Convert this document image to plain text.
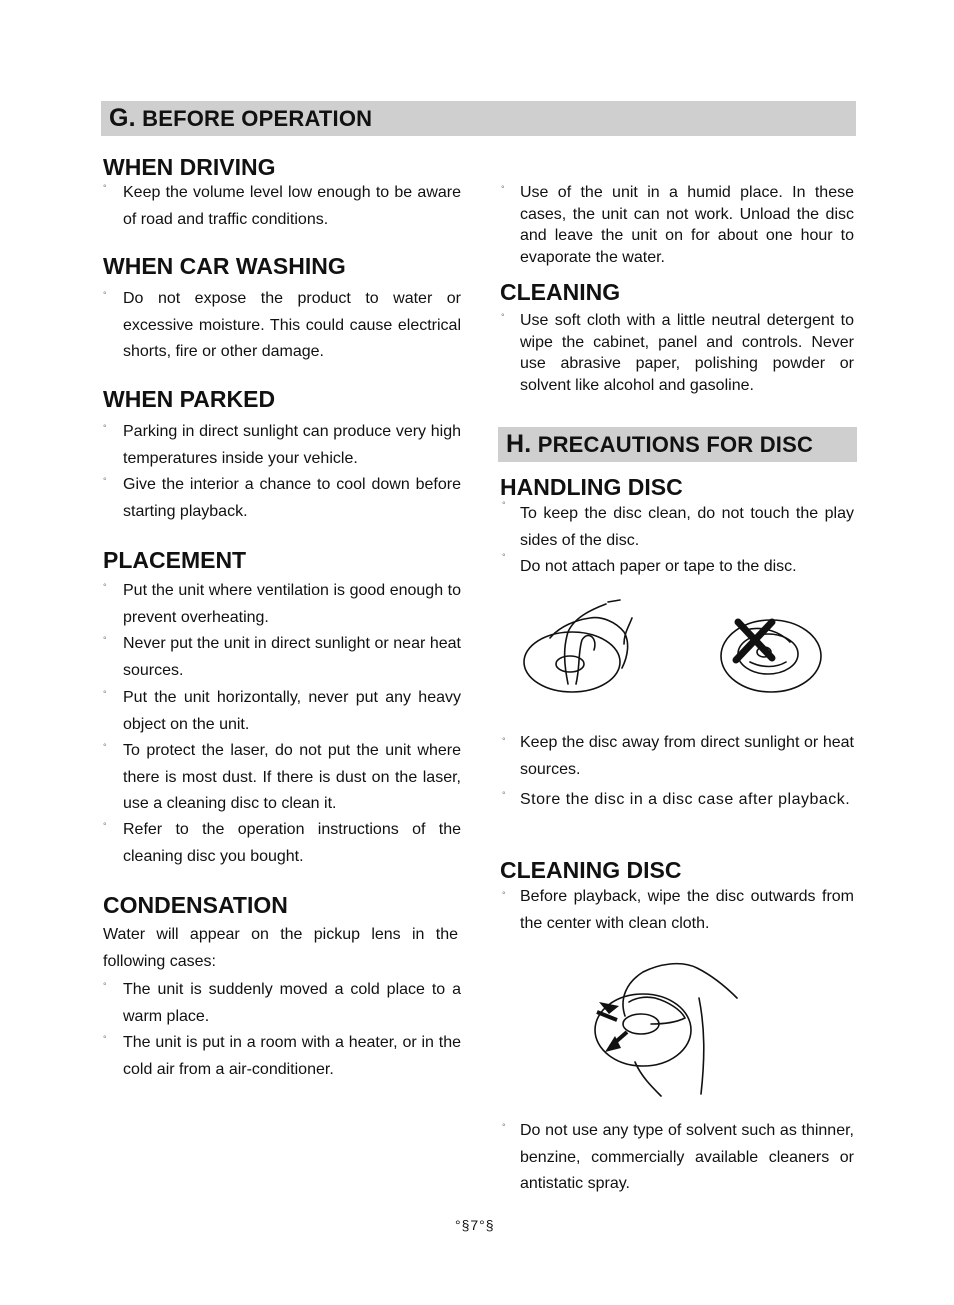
G.
BEFORE OPERATION
WHEN DRIVING
° Keep the volume level low enough to be aware of road and traffic conditions.
WHEN CAR WASHING
° Do not expose the product to water or excessive moisture. This could cause electrical shorts, fire or other damage.
WHEN PARKED
° Parking in direct sunlight can produce very high temperatures inside your vehicle.
° Give the interior a chance to cool down before starting playback.
PLACEMENT
° Put the unit where ventilation is good enough to prevent overheating.
° Never put the unit in direct sunlight or near heat sources.
° Put the unit horizontally, never put any heavy object on the unit.
° To protect the laser, do not put the unit where there is most dust. If there is dust on the laser, use a cleaning disc to clean it.
° Refer to the operation instructions of the cleaning disc you bought.
CONDENSATION
Water will appear on the pickup lens in the following cases:
° The unit is suddenly moved a cold place to a warm place.
° The unit is put in a room with a heater, or in the cold air from a air-conditioner.
° Use of the unit in a humid place. In these cases, the unit can not work. Unload the disc and leave the unit on for about one hour to evaporate the water.
CLEANING
° Use soft cloth with a little neutral detergent to wipe the cabinet, panel and controls. Never use abrasive paper, polishing powder or solvent like alcohol and gasoline.
H.
PRECAUTIONS FOR DISC
HANDLING DISC
° To keep the disc clean, do not touch the play sides of the disc.
°
Do not attach paper or tape to the disc.
° Keep the disc away from direct sunlight or heat sources.
° Store the disc in a disc case after playback.
CLEANING DISC
° Before playback, wipe the disc outwards from the center with clean cloth.
° Do not use any type of solvent such as thinner, benzine, commercially available cleaners or antistatic spray.
°§7°§
